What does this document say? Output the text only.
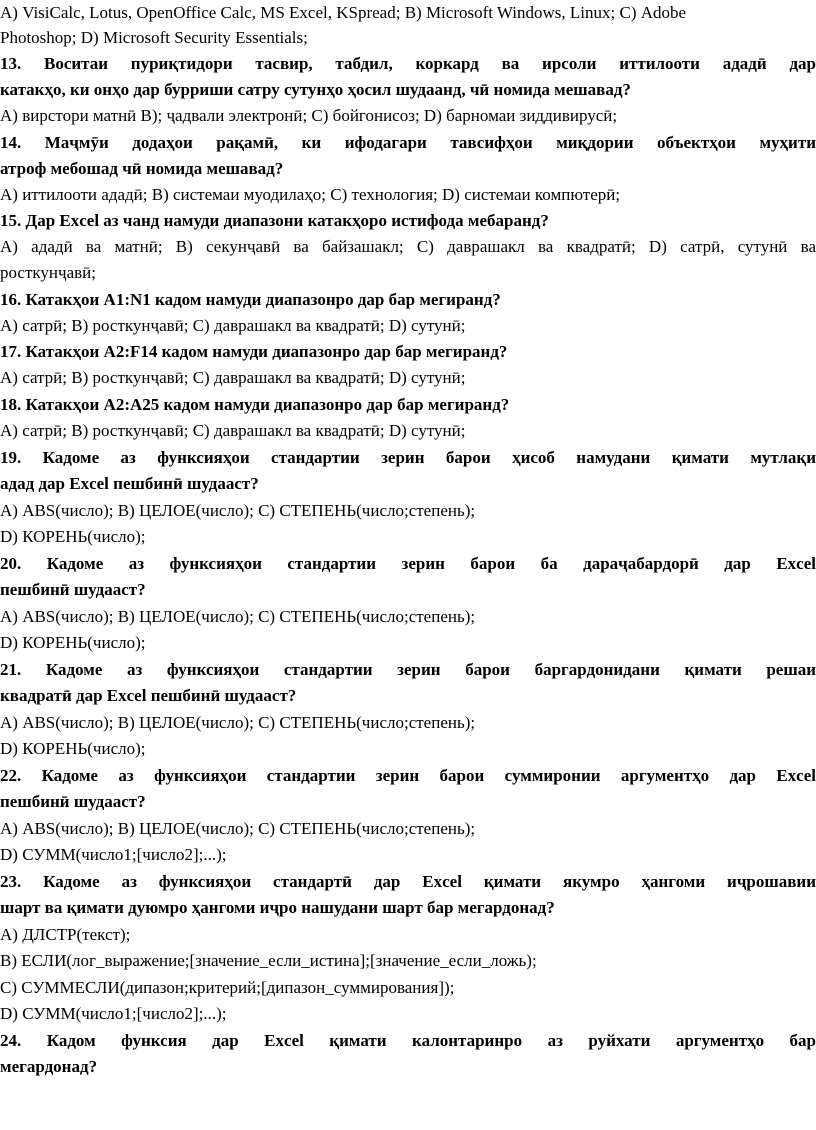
А) VisiCalc, Lotus, OpenOffice Calc, MS Excel, KSpread; В) Microsoft Windows, Linux; С) Adobe
Photoshop; D) Microsoft Security Essentials;
13. Воситаи пуриқтидори тасвир, табдил, коркард ва ирсоли иттилооти ададӣ дар
катакҳо, ки онҳо дар бурриши сатру сутунҳо ҳосил шудаанд, чӣ номида мешавад?
А) вирстори матнӣ В); ҷадвали электронӣ; С) бойгонисоз; D) барномаи зиддивирусӣ;
14. Маҷмӯи додаҳои рақамӣ, ки ифодагари тавсифҳои миқдории объектҳои муҳити
атроф мебошад чӣ номида мешавад?
А) иттилооти ададӣ; В) системаи муодилаҳо; С) технология; D) системаи компютерӣ;
15. Дар Excel аз чанд намуди диапазони катакҳоро истифода мебаранд?
А) ададӣ ва матнӣ; В) секунҷавӣ ва байзашакл; С) даврашакл ва квадратӣ; D) сатрӣ, сутунӣ ва
росткунҷавӣ;
16. Катакҳои А1:N1 кадом намуди диапазонро дар бар мегиранд?
А) сатрӣ; В) росткунҷавӣ; С) даврашакл ва квадратӣ; D) сутунӣ;
17. Катакҳои А2:F14 кадом намуди диапазонро дар бар мегиранд?
А) сатрӣ; В) росткунҷавӣ; С) даврашакл ва квадратӣ; D) сутунӣ;
18. Катакҳои А2:А25 кадом намуди диапазонро дар бар мегиранд?
А) сатрӣ; В) росткунҷавӣ; С) даврашакл ва квадратӣ; D) сутунӣ;
19. Кадоме аз функсияҳои стандартии зерин барои ҳисоб намудани қимати мутлақи
адад дар Excel пешбинӣ шудааст?
А) ABS(число); В) ЦЕЛОЕ(число); С) СТЕПЕНЬ(число;степень);
D) КОРЕНЬ(число);
20. Кадоме аз функсияҳои стандартии зерин барои ба дараҷабардорӣ дар Excel
пешбинӣ шудааст?
А) ABS(число); В) ЦЕЛОЕ(число); С) СТЕПЕНЬ(число;степень);
D) КОРЕНЬ(число);
21. Кадоме аз функсияҳои стандартии зерин барои баргардонидани қимати решаи
квадратӣ дар Excel пешбинӣ шудааст?
А) ABS(число); В) ЦЕЛОЕ(число); С) СТЕПЕНЬ(число;степень);
D) КОРЕНЬ(число);
22. Кадоме аз функсияҳои стандартии зерин барои суммиронии аргументҳо дар Excel
пешбинӣ шудааст?
А) ABS(число); В) ЦЕЛОЕ(число); С) СТЕПЕНЬ(число;степень);
D) СУММ(число1;[число2];...);
23. Кадоме аз функсияҳои стандартӣ дар Excel қимати якумро ҳангоми иҷрошавии
шарт ва қимати дуюмро ҳангоми иҷро нашудани шарт бар мегардонад?
А) ДЛСТР(текст);
В) ЕСЛИ(лог_выражение;[значение_если_истина];[значение_если_ложь);
С) СУММЕСЛИ(дипазон;критерий;[дипазон_суммирования]);
D) СУММ(число1;[число2];...);
24. Кадом функсия дар Excel қимати калонтаринро аз руйхати аргументҳо бар
мегардонад?
